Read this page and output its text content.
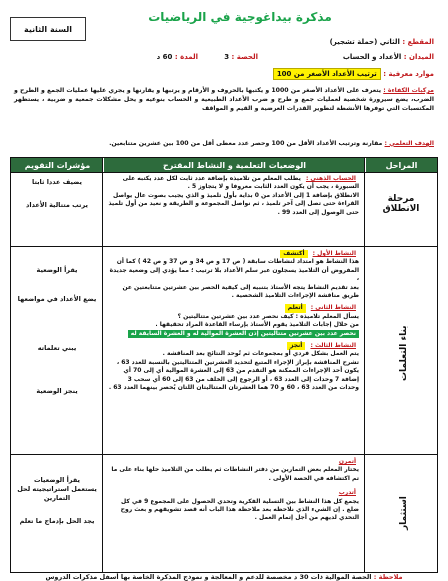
مذكرة بيداغوجية في الرياضيات
السنة الثانية
المقطع : الثاني (حملة تشجير)
الميدان : الأعداد و الحساب
الحصة : 3
المدة : 60 د
موارد معرفية : ترتيب الأعداد الأصغر من 100
مركبات الكفاءة : يتعرف على الأعداد الأصغر من 1000 و يكتبها بالحروف و الأرقام و يرتبها و يقارنها و يجري عليها عمليات الجمع و الطرح و الضرب، يضع سيرورة شخصية لعمليات جمع و طرح و ضرب الأعداد الطبيعية و الحساب بنوعيه و يحل مشكلات جمعية و ضربية ، يستظهر المكتسبات التي توفرها الأنشطة لتطوير القدرات العرضية و القيم و المواقف
الهدف التعلمي : مقارنة وترتيب الأعداد الأقل من 100 وحصر عدد معطى أقل من 100 بين عشرين متتابعين.
المراحل
الوضعيات التعلمية و النشاط المقترح
مؤشرات التقويم
مرحلة الانطلاق
الحساب الذهني : يطلب المعلم من تلاميذه بإضافة عدد ثابت لكل عدد يكتبه على السبورة ، يجب أن يكون العدد الثابت معروفا و لا يتجاوز 5 .
الانطلاق بإضافة 1 إلى الأعداد من 0 بداية بأول تلميذ و الذي يجيب بصوت عال يواصل القراءة حتى تصل إلى آخر تلميذ ، ثم نواصل المجموعة و الطريقة و نعيد من أول تلميذ حتى الوصول إلى العدد 99 .
يضيف عددا ثابتا
يرتب متتالية الأعداد
بناء التعلمات
النشاط الأول : أكتشف
هذا النشاط هو امتداد لنشاطات سابقة ( ص 17 و ص 34 و ص 37 و ص 42 ) كما أن المفروض أن التلاميذ يسجلون عبر سلم الأعداد بلا ترتيب ؛ مما يؤدي إلى وضعية جديدة ،
بعد تقديم النشاط يتجه الأستاذ بتنبيه إلى كيفية الحصر بين عشرتين متتابعتين عن طريق مناقشة الإجراءات التلاميذ الشخصية .

النشاط الثاني : أتعلم
يسأل المعلم تلاميذه : كيف نحصر عدد بين عشرتين متتاليتين ؟
من خلال إجابات التلاميذ يقوم الأستاذ بإرساء القاعدة المراد تحقيقها .
نحصر عدد بين عشرتين متتاليتين إذن العشرة الموالية له و العشرة السابقة له

النشاط الثالث : أنجز
يتم العمل بشكل فردي أو بمجموعات ثم تُوحد النتائج بعد المناقشة .
تشرح المناقشة بإبراز الإجراء المتبع لتحديد العشرتين المتتاليتين بالنسبة للعدد 63 ، يكون أحد الإجراءات الممكنة هو التقدم من 63 إلى العشرة الموالية أي إلى 70 أي إضافة 7 وحدات إلى العدد 63 ، أو الرجوع إلى الخلف من 63 إلى 60 أي سحب 3 وحدات من العدد 63 ، 60 و 70 هما العشرتان المتتاليتان اللتان يُحصر بينهما العدد 63 .
يقرأ الوضعية
يضع الأعداد في مواضعها
يبني تعلماته
ينجز الوضعية
استثمار
أتمرن
يختار المعلم بعض التمارين من دفتر النشاطات ثم يطلب من التلاميذ حلها بناء على ما تم اكتشافه في الحصة الأولى .

أتدرب
يجمع كل هذا النشاط بين التسلية الفكرية وتحدي الحصول على المجموع 9 في كل ضلع . إن الشيء الذي نلاحظه بعد ملاحظة هذا الباب أنه قصد تشويقهم و بعث روح التحدي لديهم من أجل إتمام العمل .
يقرأ الوضعيات
يستعمل استراتيجيته لحل التمارين
يجد الحل بإدماج ما تعلم
ملاحظة : الحصة الموالية ذات 30 د مخصصة للدعم و المعالجة و نموذج المذكرة الخاصة بها أسفل مذكرات الدروس
